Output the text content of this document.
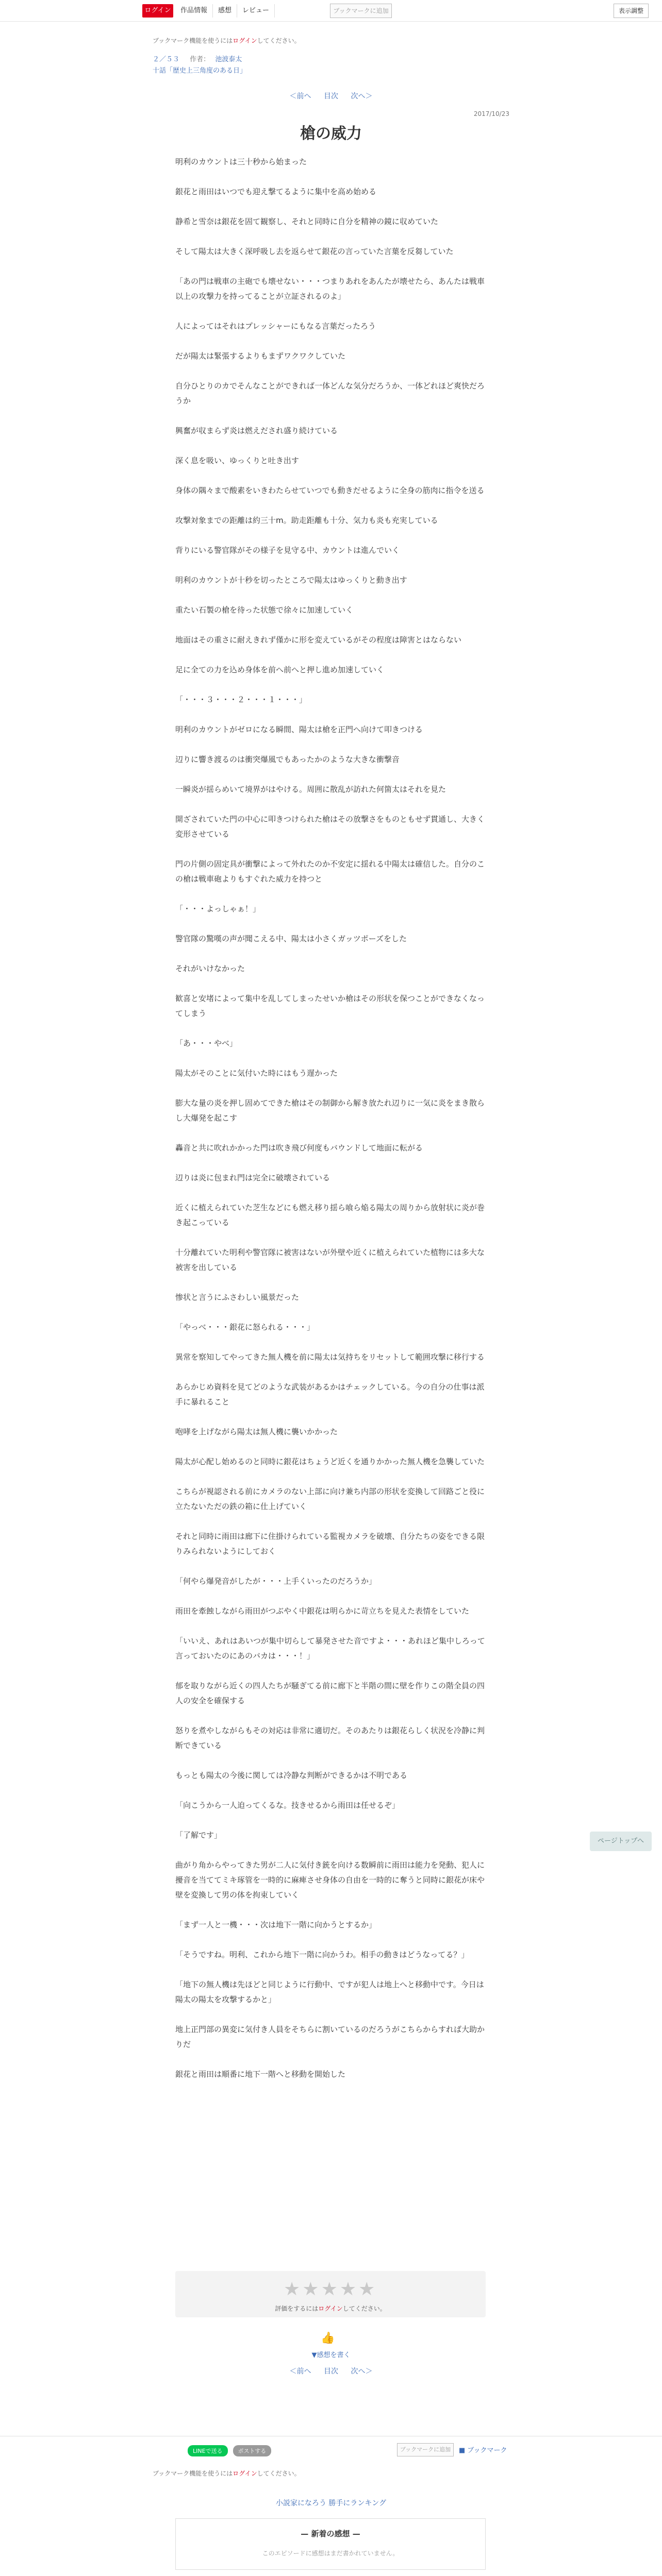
ログイン	作品情報	感想	レビュー	ブックマークに追加	表示調整
ブックマーク機能を使うにはログインしてください。
２／５３ 作者： 池波泰太
十話「歴史上三角度のある日」
＜前へ 目次 次へ＞
2017/10/23
槍の威力

明利のカウントは三十秒から始まった

銀花と雨田はいつでも迎え撃てるように集中を高め始める

静希と雪奈は銀花を固て観察し、それと同時に自分を精神の鏡に収めていた

そして陽太は大きく深呼吸し去を返らせて銀花の言っていた言葉を反芻していた

「あの門は戦車の主砲でも壊せない・・・つまりあれをあんたが壊せたら、あんたは戦車以上の攻撃力を持ってることが立証されるのよ」

人によってはそれはプレッシャーにもなる言葉だったろう

だが陽太は緊張するよりもまずワクワクしていた

自分ひとりのカでそんなことができれば一体どんな気分だろうか、一体どれほど爽快だろうか

興奮が収まらず炎は燃えだされ盛り続けている

深く息を吸い、ゆっくりと吐き出す

身体の隅々まで酸素をいきわたらせていつでも動きだせるように全身の筋肉に指令を送る

攻撃対象までの距離は約三十m。助走距離も十分、気力も炎も充実している

背りにいる警官隊がその様子を見守る中、カウントは進んでいく

明利のカウントが十秒を切ったところで陽太はゆっくりと動き出す

重たい石製の槍を待った状態で徐々に加速していく

地面はその重さに耐えきれず僅かに形を変えているがその程度は障害とはならない

足に全ての力を込め身体を前へ前へと押し進め加速していく

「・・・３・・・２・・・１・・・」

明利のカウントがゼロになる瞬間、陽太は槍を正門へ向けて叩きつける

辺りに響き渡るのは衝突爆風でもあったかのような大きな衝撃音

一瞬炎が揺らめいて境界がはやける。周囲に散乱が訪れた何箇太はそれを見た

開ざされていた門の中心に叩きつけられた槍はその放撃さをものともせず貫通し、大きく変形させている

門の片側の固定具が衝撃によって外れたのか不安定に揺れる中陽太は確信した。自分のこの槍は戦車砲よりもすぐれた威力を持つと

「・・・よっしゃぁ！」

警官隊の驚嘆の声が聞こえる中、陽太は小さくガッツポーズをした

それがいけなかった

歓喜と安堵によって集中を乱してしまったせいか槍はその形状を保つことができなくなってしまう

「あ・・・やべ」

陽太がそのことに気付いた時にはもう遅かった

膨大な量の炎を押し固めてできた槍はその制御から解き放たれ辺りに一気に炎をまき散らし大爆発を起こす

轟音と共に吹れかかった門は吹き飛び何度もバウンドして地面に転がる

辺りは炎に包まれ門は完全に破壊されている

近くに植えられていた芝生などにも燃え移り揺ら喰ら焔る陽太の周りから放射状に炎が巻き起こっている

十分離れていた明利や警官隊に被害はないが外壁や近くに植えられていた植物には多大な被害を出している

惨状と言うにふさわしい風景だった

「やっべ・・・銀花に怒られる・・・」

異常を察知してやってきた無人機を前に陽太は気持ちをリセットして範囲攻撃に移行する

あらかじめ資料を見てどのような武装があるかはチェックしている。今の自分の仕事は派手に暴れること

咆哮を上げながら陽太は無人機に襲いかかった

陽太が心配し始めるのと同時に銀花はちょうど近くを通りかかった無人機を急襲していた

こちらが視認される前にカメラのない上部に向け兼ち内部の形状を変換して回路ごと役に立たないただの鉄の箱に仕上げていく

それと同時に雨田は廊下に住掛けられている監視カメラを破壊、自分たちの姿をできる限りみられないようにしておく

「何やら爆発音がしたが・・・上手くいったのだろうか」

雨田を牽蝕しながら雨田がつぶやく中銀花は明らかに苛立ちを見えた表情をしていた

「いいえ、あれはあいつが集中切らして暴発させた音ですよ・・・あれほど集中しろって言っておいたのにあのバカは・・・！」

郁を取りながら近くの四人たちが騒ぎてる前に廊下と半階の間に壁を作りこの階全員の四人の安全を確保する

怒りを煮やしながらもその対応は非常に適切だ。そのあたりは銀花らしく状況を冷静に判断できている

もっとも陽太の今後に関しては冷静な判断ができるかは不明である

「向こうから一人迫ってくるな。技きせるから雨田は任せるぞ」

「了解です」

曲がり角からやってきた男が二人に気付き銃を向ける数瞬前に雨田は能力を発動、犯人に擾音を当ててミキ琢管を一時的に麻痺させ身体の自由を一時的に奪うと同時に銀花が床や壁を変換して男の体を拘束していく

「まず一人と一機・・・次は地下一階に向かうとするか」

「そうですね。明利、これから地下一階に向かうわ。相手の動きはどうなってる？」

「地下の無人機は先ほどと同じように行動中、ですが犯人は地上へと移動中です。今日は陽太の陽太を攻撃するかと」

地上正門部の異変に気付き人員をそちらに割いているのだろうがこちらからすれば大助かりだ

銀花と雨田は順番に地下一階へと移動を開始した

ページトップへ
★ ★ ★ ★ ★
評価をするにはログインしてください。
👍
▼感想を書く
＜前へ 目次 次へ＞
LINEで送る	ポストする	ブックマークに追加	■ ブックマーク
ブックマーク機能を使うにはログインしてください。
小説家になろう 勝手にランキング
— 新着の感想 —
このエピソードに感想はまだ書かれていません。
